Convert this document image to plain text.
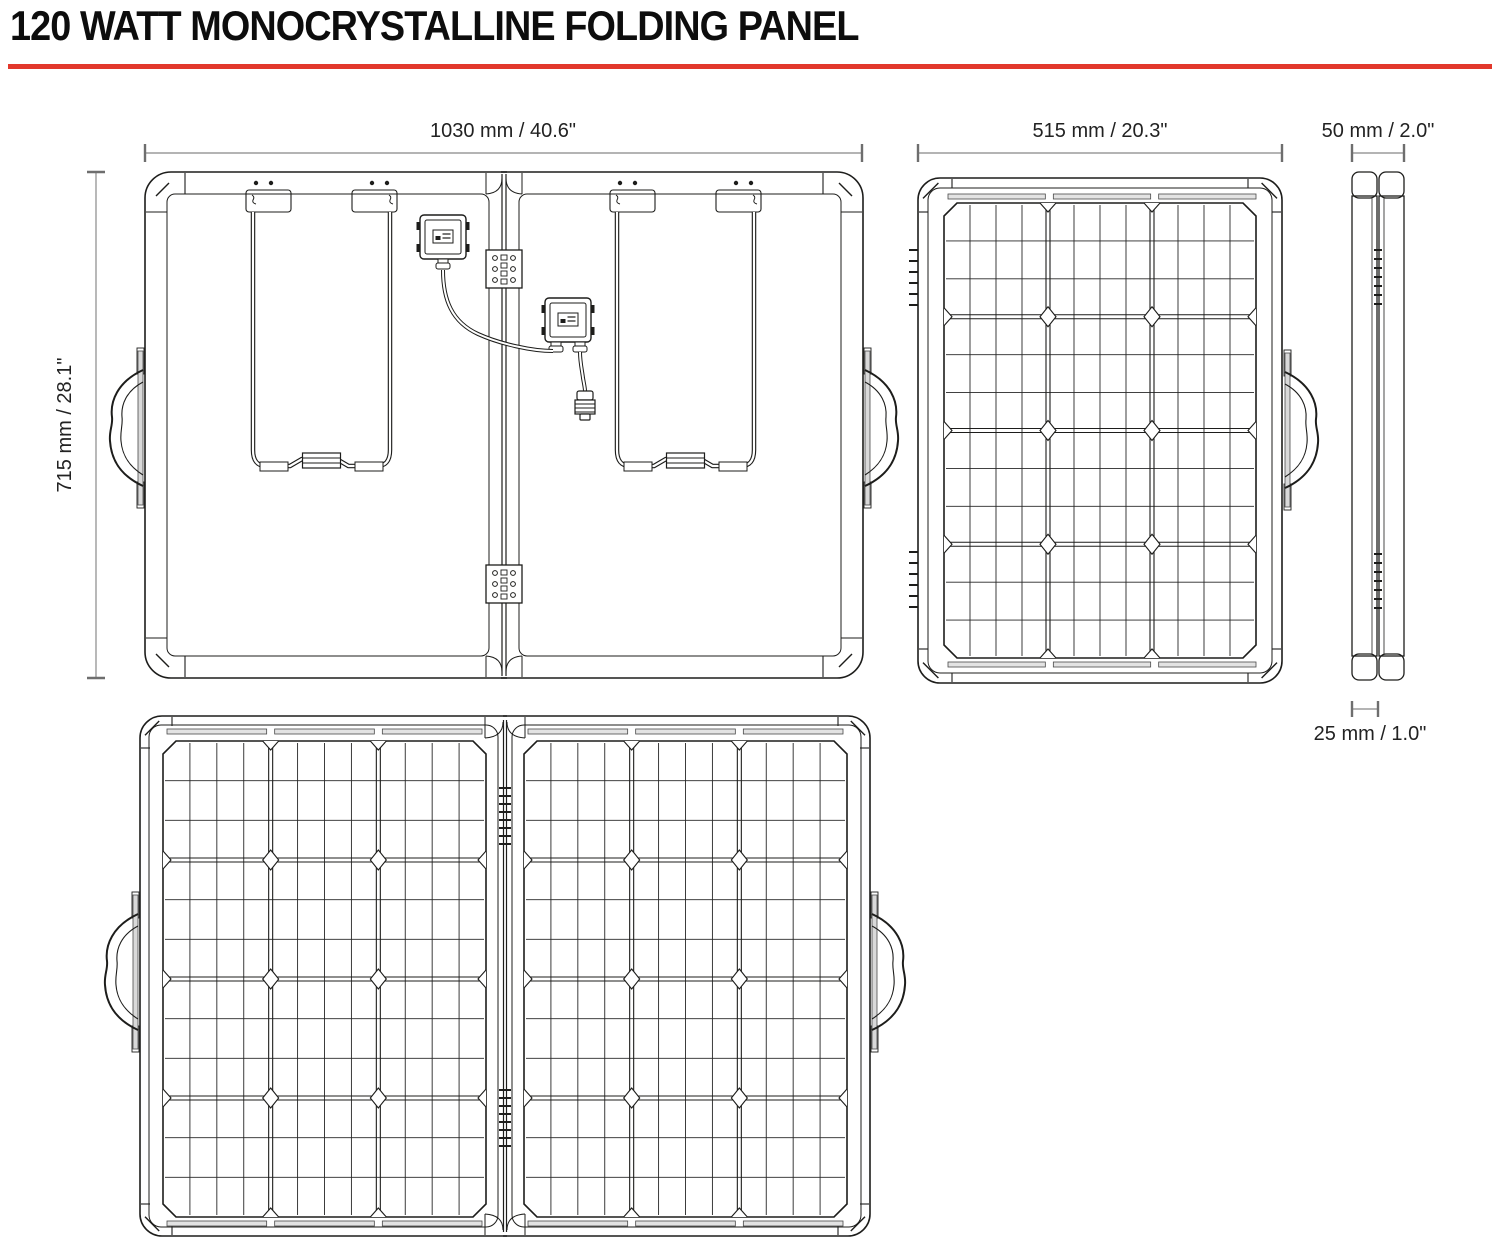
120 WATT MONOCRYSTALLINE FOLDING PANEL
1030 mm / 40.6"
715 mm / 28.1"
515 mm / 20.3"	50 mm / 2.0"
25 mm / 1.0"
